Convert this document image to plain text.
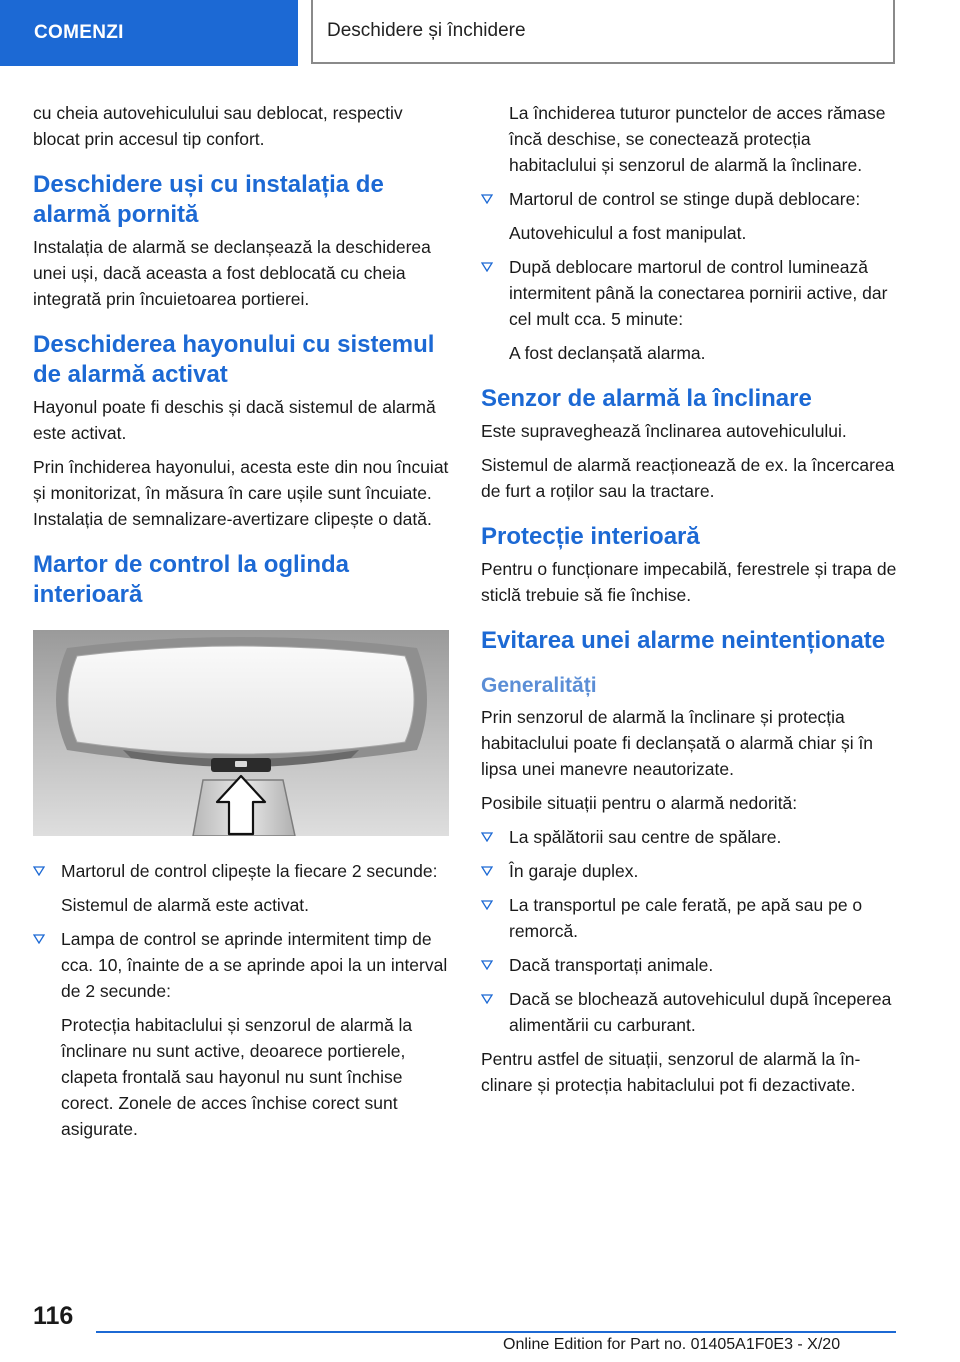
COMENZI	Deschidere și închidere

cu cheia autovehiculului sau deblocat, respectiv blocat prin accesul tip confort.

Deschidere uși cu instalația de alarmă pornită

Instalația de alarmă se declanșează la deschiderea unei uși, dacă aceasta a fost deblocată cu cheia integrată prin încuietoarea portierei.

Deschiderea hayonului cu sistemul de alarmă activat

Hayonul poate fi deschis și dacă sistemul de alarmă este activat.

Prin închiderea hayonului, acesta este din nou încuiat și monitorizat, în măsura în care ușile sunt încuiate. Instalația de semnalizare-avertizare clipește o dată.

Martor de control la oglinda interioară
Martorul de control clipește la fiecare 2 secunde:

Sistemul de alarmă este activat.

Lampa de control se aprinde intermitent timp de cca. 10, înainte de a se aprinde apoi la un interval de 2 secunde:

Protecția habitaclului și senzorul de alarmă la înclinare nu sunt active, deoarece portierele, clapeta frontală sau hayonul nu sunt închise corect. Zonele de acces închise corect sunt asigurate.

La închiderea tuturor punctelor de acces rămase încă deschise, se conectează protecția habitaclului și senzorul de alarmă la înclinare.

Martorul de control se stinge după deblocare:

Autovehiculul a fost manipulat.

După deblocare martorul de control luminează intermitent până la conectarea pornirii active, dar cel mult cca. 5 minute:

A fost declanșată alarma.

Senzor de alarmă la înclinare

Este supraveghează înclinarea autovehiculului.

Sistemul de alarmă reacționează de ex. la încercarea de furt a roților sau la tractare.

Protecție interioară

Pentru o funcționare impecabilă, ferestrele și trapa de sticlă trebuie să fie închise.

Evitarea unei alarme neintenționate
Generalități

Prin senzorul de alarmă la înclinare și protecția habitaclului poate fi declanșată o alarmă chiar și în lipsa unei manevre neautorizate.

Posibile situații pentru o alarmă nedorită:

La spălătorii sau centre de spălare.
În garaje duplex.
La transportul pe cale ferată, pe apă sau pe o remorcă.
Dacă transportați animale.
Dacă se blochează autovehiculul după începerea alimentării cu carburant.

Pentru astfel de situații, senzorul de alarmă la înclinare și protecția habitaclului pot fi dezactivate.

116
Online Edition for Part no. 01405A1F0E3 - X/20
